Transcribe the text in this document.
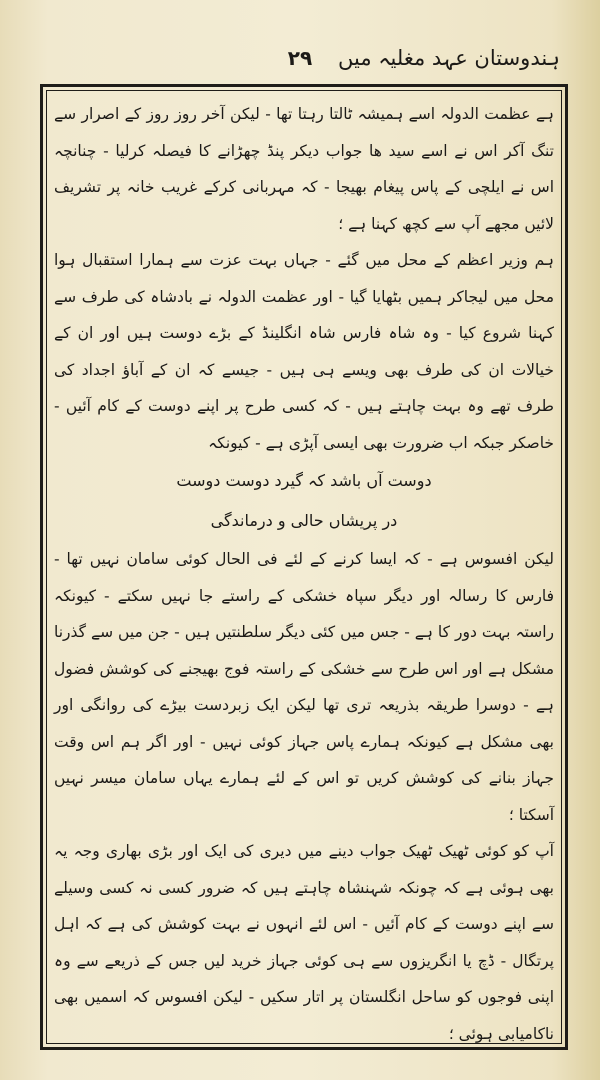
ہندوستان عہد مغلیہ میں
۲۹

ہے عظمت الدولہ اسے ہمیشہ ٹالتا رہتا تھا - لیکن آخر روز روز کے اصرار سے تنگ آکر اس نے اسے سید ھا جواب دیکر پنڈ چھڑانے کا فیصلہ کرلیا - چنانچہ اس نے ایلچی کے پاس پیغام بھیجا - کہ مہربانی کرکے غریب خانہ پر تشریف لائیں مجھے آپ سے کچھ کہنا ہے ؛

ہم وزیر اعظم کے محل میں گئے - جہاں بہت عزت سے ہمارا استقبال ہوا محل میں لیجاکر ہمیں بٹھایا گیا - اور عظمت الدولہ نے بادشاہ کی طرف سے کہنا شروع کیا - وہ شاہ فارس شاہ انگلینڈ کے بڑے دوست ہیں اور ان کے خیالات ان کی طرف بھی ویسے ہی ہیں - جیسے کہ ان کے آباؤ اجداد کی طرف تھے وہ بہت چاہتے ہیں - کہ کسی طرح پر اپنے دوست کے کام آئیں - خاصکر جبکہ اب ضرورت بھی ایسی آپڑی ہے - کیونکہ

دوست آں باشد کہ گیرد دوست دوست

در پریشاں حالی و درماندگی

لیکن افسوس ہے - کہ ایسا کرنے کے لئے فی الحال کوئی سامان نہیں تھا - فارس کا رسالہ اور دیگر سپاہ خشکی کے راستے جا نہیں سکتے - کیونکہ راستہ بہت دور کا ہے - جس میں کئی دیگر سلطنتیں ہیں - جن میں سے گذرنا مشکل ہے اور اس طرح سے خشکی کے راستہ فوج بھیجنے کی کوشش فضول ہے - دوسرا طریقہ بذریعہ تری تھا لیکن ایک زبردست بیڑے کی روانگی اور بھی مشکل ہے کیونکہ ہمارے پاس جہاز کوئی نہیں - اور اگر ہم اس وقت جہاز بنانے کی کوشش کریں تو اس کے لئے ہمارے یہاں سامان میسر نہیں آسکتا ؛

آپ کو کوئی ٹھیک ٹھیک جواب دینے میں دیری کی ایک اور بڑی بھاری وجہ یہ بھی ہوئی ہے کہ چونکہ شہنشاہ چاہتے ہیں کہ ضرور کسی نہ کسی وسیلے سے اپنے دوست کے کام آئیں - اس لئے انہوں نے بہت کوشش کی ہے کہ اہل پرتگال - ڈچ یا انگریزوں سے ہی کوئی جہاز خرید لیں جس کے ذریعے سے وہ اپنی فوجوں کو ساحل انگلستان پر اتار سکیں - لیکن افسوس کہ اسمیں بھی ناکامیابی ہوئی ؛
